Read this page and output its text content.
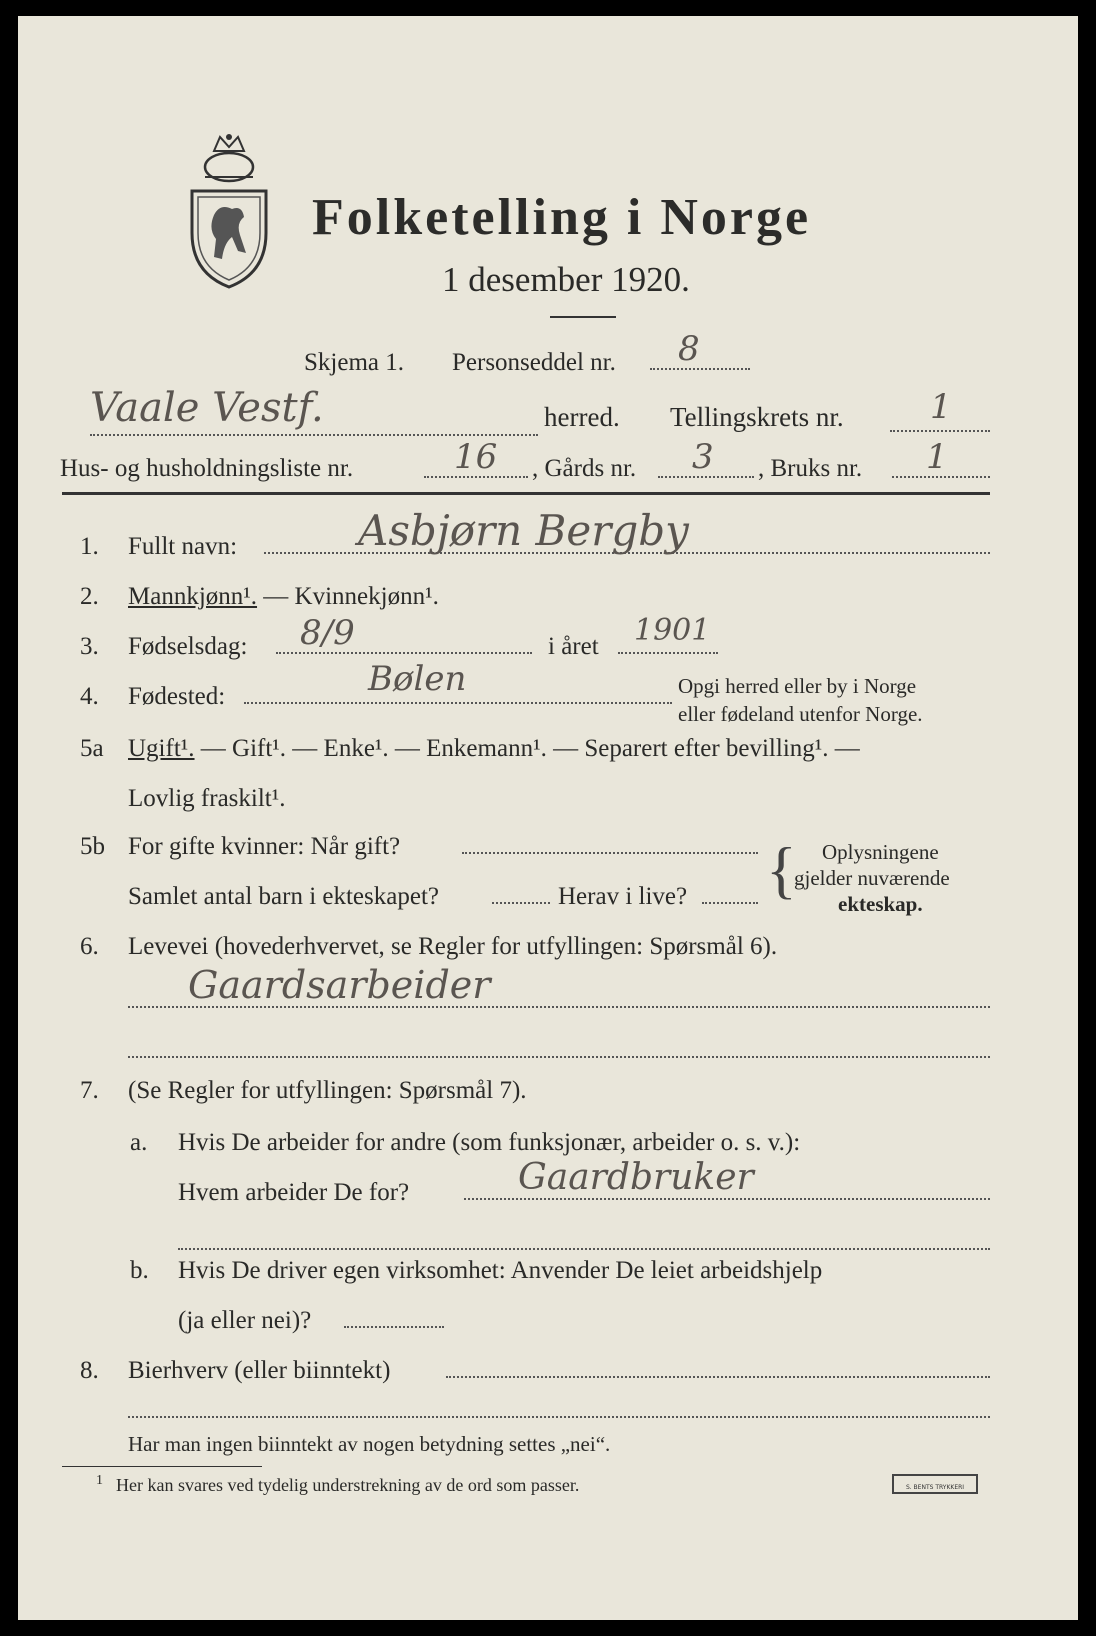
Folketelling i Norge
1 desember 1920.
Skjema 1. Personseddel nr. 8
Vaale Vestf.	herred. Tellingskrets nr.	1
Hus- og husholdningsliste nr.	16 , Gårds nr. 3 , Bruks nr. 1
1. Fullt navn:	Asbjørn Bergby
2. Mannkjønn¹. — Kvinnekjønn¹.
3. Fødselsdag: 8/9	i året 1901
4. Fødested:	Bølen	Opgi herred eller by i Norge
eller fødeland utenfor Norge.
5a Ugift¹. — Gift¹. — Enke¹. — Enkemann¹. — Separert efter bevilling¹. —
Lovlig fraskilt¹.
5b For gifte kvinner: Når gift?
Samlet antal barn i ekteskapet?	Herav i live? { Oplysningene
gjelder nuværende
ekteskap.
6. Levevei (hovederhvervet, se Regler for utfyllingen: Spørsmål 6).
Gaardsarbeider
7. (Se Regler for utfyllingen: Spørsmål 7).
a. Hvis De arbeider for andre (som funksjonær, arbeider o. s. v.):
Hvem arbeider De for?	Gaardbruker
b. Hvis De driver egen virksomhet: Anvender De leiet arbeidshjelp
(ja eller nei)?
8. Bierhverv (eller biinntekt)
Har man ingen biinntekt av nogen betydning settes „nei“.
1 Her kan svares ved tydelig understrekning av de ord som passer.	S. BENTS TRYKKERI
